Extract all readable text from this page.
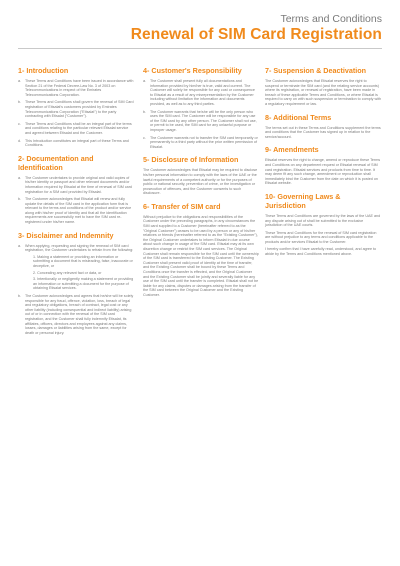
Terms and Conditions
Renewal of SIM Card Registration
1- Introduction
a. These Terms and Conditions have been issued in accordance with Section 21 of the Federal Decree-Law No. 3 of 2003 on Telecommunications in respect of the Emirates Telecommunications Corporation.
b. These Terms and Conditions shall govern the renewal of SIM Card registration of Etisalat's customers provided by Emirates Telecommunications Corporation ("Etisalat") to the party contracting with Etisalat ("Customer").
c. These Terms and Conditions shall be an integral part of the terms and conditions relating to the particular relevant Etisalat service and agreed between Etisalat and the Customer.
d. This Introduction constitutes an integral part of these Terms and Conditions.
2- Documentation and Identification
a. The Customer undertakes to provide original and valid copies of his/her identity or passport and other relevant documents and/or information required by Etisalat at the time of renewal of SIM card registration for a SIM card provided by Etisalat.
b. The Customer acknowledges that Etisalat will renew and fully update the details of the SIM card in the application form that is relevant to the terms and conditions of the product and/or service along with his/her proof of identity and that all the identification requirements are successfully met to have the SIM card re-registered under his/her name.
3- Disclaimer and Indemnity
a. When applying, requesting and signing the renewal of SIM card registration, the Customer undertakes to refrain from the following:
1. Making a statement or providing an information or submitting a document that is misleading, false, inaccurate or deceptive, or
2. Concealing any relevant fact or data, or
3. Intentionally or negligently making a statement or providing an information or submitting a document for the purpose of obtaining Etisalat services.
b. The Customer acknowledges and agrees that he/she will be solely responsible for any fraud, offence, violation, loss, breach of legal and regulatory obligations, breach of contract, legal cost or any other liability (including consequential and indirect liability) arising out of or in connection with the renewal of the SIM card registration, and the Customer shall fully indemnify Etisalat, its affiliates, officers, directors and employees against any claims, losses, damages or liabilities arising from the same, except for death or personal injury.
4- Customer's Responsibility
a. The Customer shall present fully all documentations and information provided by him/her is true, valid and current. The Customer will solely be responsible for any cost or consequence to Etisalat as a result of any misrepresentation by the Customer including without limitation the information and documents provided, as well as to any third parties.
b. The Customer warrants that he/she will be the only person who uses the SIM card. The Customer will be responsible for any use of the SIM card by any other person. The Customer shall not use, or permit to be used, the SIM card for any unlawful purpose or improper usage.
c. The Customer warrants not to transfer the SIM card temporarily or permanently to a third party without the prior written permission of Etisalat.
5- Disclosure of Information

The Customer acknowledges that Etisalat may be required to disclose his/her personal information to comply with the laws of the UAE or the lawful requirements of a competent authority or for the purposes of public or national security, prevention of crime, or the investigation or prosecution of offences, and the Customer consents to such disclosure.

6- Transfer of SIM card

Without prejudice to the obligations and responsibilities of the Customer under the preceding paragraphs, in any circumstances the SIM card supplied to a Customer (hereinafter referred to as the "Original Customer") ceases to be used by a person or any of his/her relatives or friends (hereinafter referred to as the "Existing Customer"), the Original Customer undertakes to inform Etisalat in due course about such change in usage of the SIM card. Etisalat may at its own discretion change or restrict the SIM card services. The Original Customer shall remain responsible for the SIM card until the ownership of the SIM card is transferred to the Existing Customer. The Existing Customer shall present valid proof of identity at the time of transfer, and the Existing Customer shall be bound by these Terms and Conditions once the transfer is effected, and the Original Customer and the Existing Customer shall be jointly and severally liable for any use of the SIM card until the transfer is completed. Etisalat shall not be liable for any claims, disputes or damages arising from the transfer of the SIM card between the Original Customer and the Existing Customer.

7- Suspension & Deactivation

The Customer acknowledges that Etisalat reserves the right to suspend or terminate the SIM card (and the relating service accounts) where its registration, or renewal of registration, have been made in breach of these applicable Terms and Conditions, or where Etisalat is required to carry on with such suspension or termination to comply with a regulatory requirement or law.

8- Additional Terms

The terms set out in these Terms and Conditions supplement the terms and conditions that the Customer has signed up in relation to the service/account.

9- Amendments

Etisalat reserves the right to change, amend or reproduce these Terms and Conditions on any department request or Etisalat renewal of SIM card registration. Etisalat services and products from time to time. It may deem fit any such change, amendment or reproduction shall immediately bind the Customer from the date on which it is posted on Etisalat website.

10- Governing Laws & Jurisdiction

These Terms and Conditions are governed by the laws of the UAE and any dispute arising out of shall be submitted to the exclusive jurisdiction of the UAE courts.

These Terms and Conditions for the renewal of SIM card registration are without prejudice to any terms and conditions applicable to the products and/or services Etisalat to the Customer.

I hereby confirm that I have carefully read, understood, and agree to abide by the Terms and Conditions mentioned above.
